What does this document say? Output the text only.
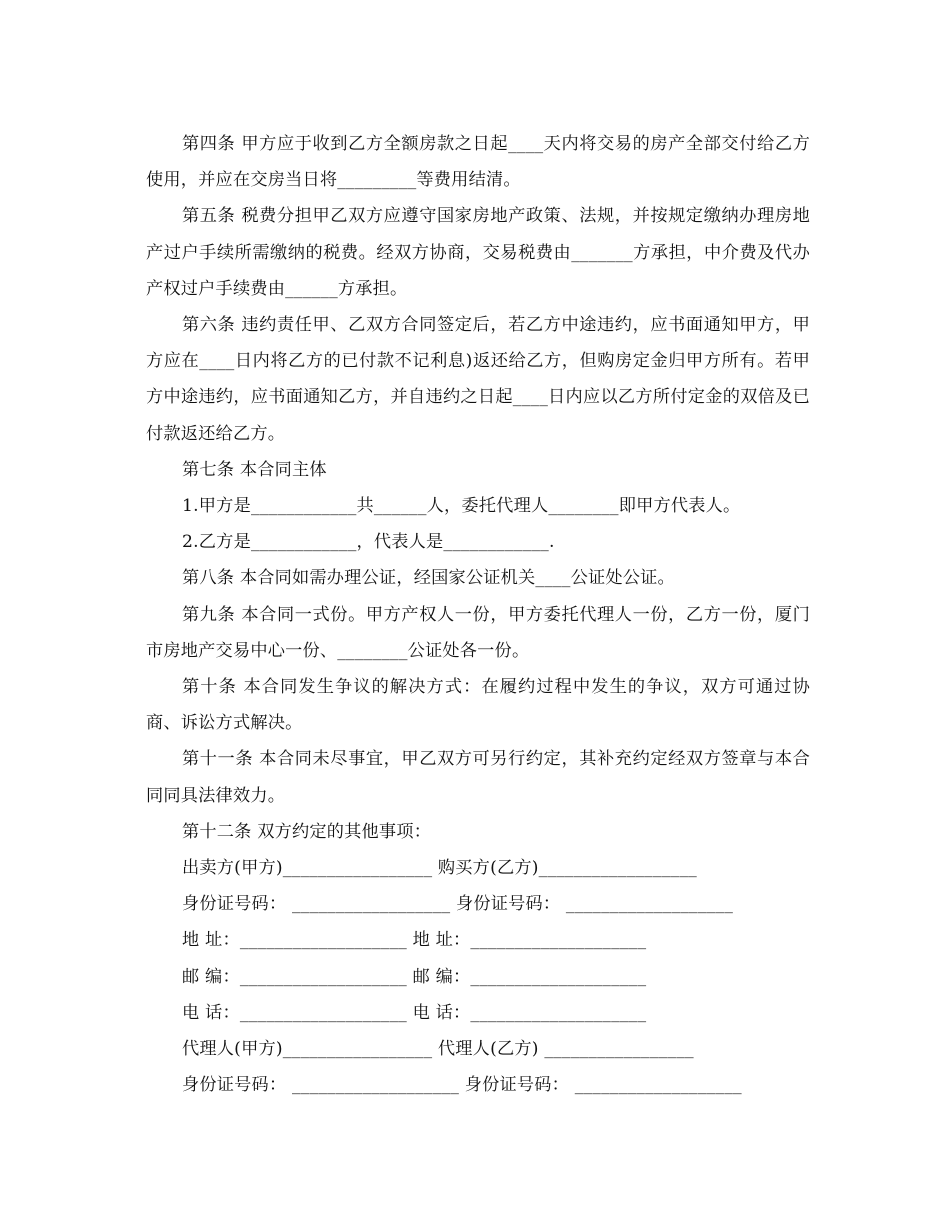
第四条 甲方应于收到乙方全额房款之日起____天内将交易的房产全部交付给乙方使用，并应在交房当日将_________等费用结清。

第五条 税费分担甲乙双方应遵守国家房地产政策、法规，并按规定缴纳办理房地产过户手续所需缴纳的税费。经双方协商，交易税费由_______方承担，中介费及代办产权过户手续费由______方承担。

第六条 违约责任甲、乙双方合同签定后，若乙方中途违约，应书面通知甲方，甲方应在____日内将乙方的已付款不记利息)返还给乙方，但购房定金归甲方所有。若甲方中途违约，应书面通知乙方，并自违约之日起____日内应以乙方所付定金的双倍及已付款返还给乙方。

第七条 本合同主体

1.甲方是____________共______人，委托代理人________即甲方代表人。

2.乙方是____________，代表人是____________.

第八条 本合同如需办理公证，经国家公证机关____公证处公证。

第九条 本合同一式份。甲方产权人一份，甲方委托代理人一份，乙方一份，厦门市房地产交易中心一份、________公证处各一份。

第十条 本合同发生争议的解决方式：在履约过程中发生的争议，双方可通过协商、诉讼方式解决。

第十一条 本合同未尽事宜，甲乙双方可另行约定，其补充约定经双方签章与本合同同具法律效力。

第十二条 双方约定的其他事项：

出卖方(甲方)_________________ 购买方(乙方)__________________

身份证号码： __________________ 身份证号码： ___________________

地 址：___________________ 地 址：____________________

邮 编：___________________ 邮 编：____________________

电 话：___________________ 电 话：____________________

代理人(甲方)_________________ 代理人(乙方) _________________

身份证号码： ___________________ 身份证号码： ___________________
